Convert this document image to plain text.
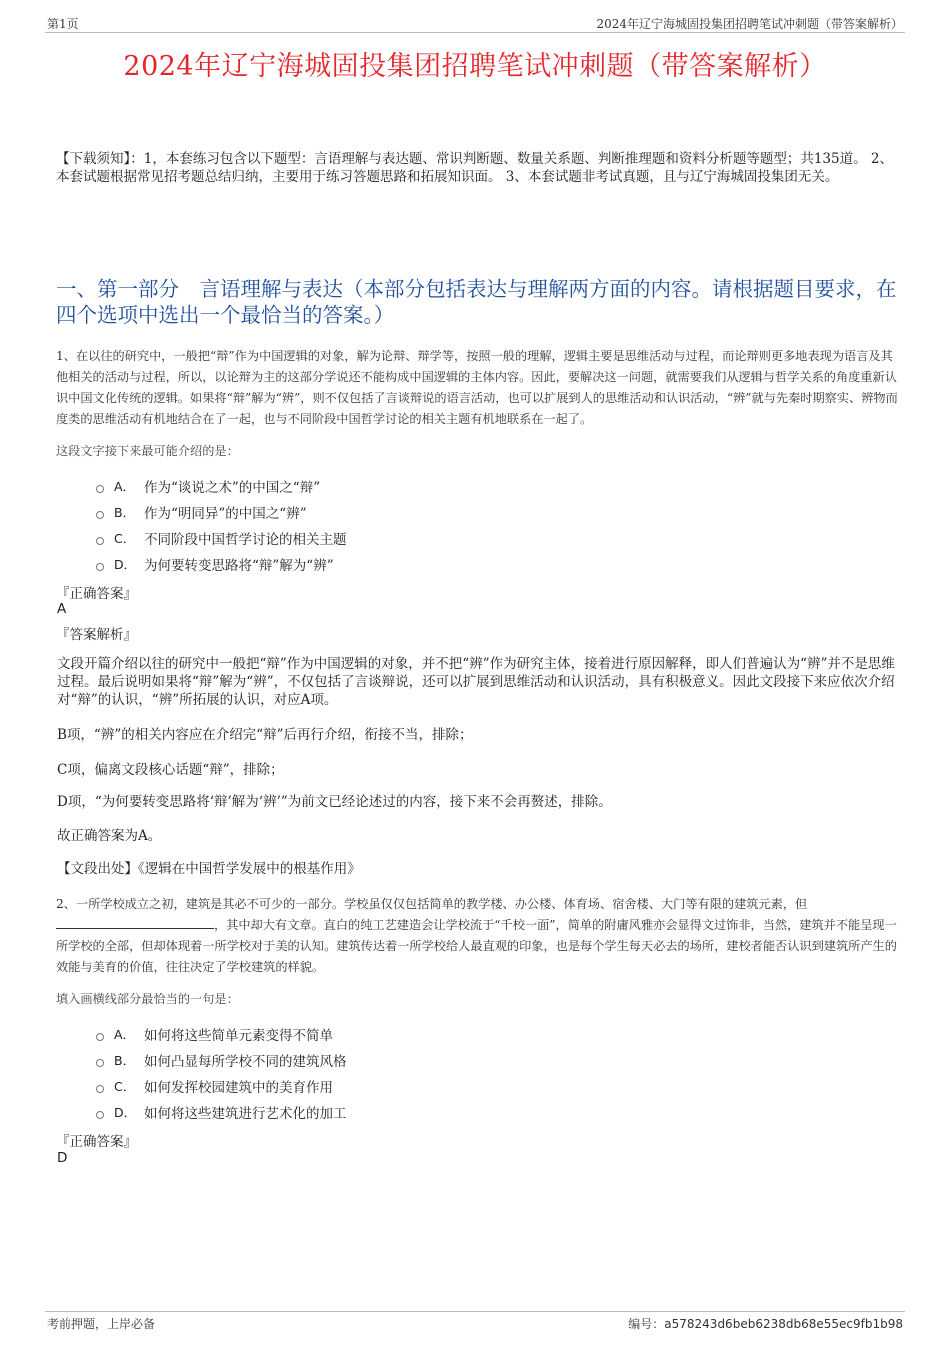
第1页	2024年辽宁海城固投集团招聘笔试冲刺题（带答案解析）
2024年辽宁海城固投集团招聘笔试冲刺题（带答案解析）
【下载须知】：1，本套练习包含以下题型：言语理解与表达题、常识判断题、数量关系题、判断推理题和资料分析题等题型；共135道。 2、本套试题根据常见招考题总结归纳，主要用于练习答题思路和拓展知识面。 3、本套试题非考试真题，且与辽宁海城固投集团无关。
一、第一部分　言语理解与表达（本部分包括表达与理解两方面的内容。请根据题目要求，在四个选项中选出一个最恰当的答案。）
1、在以往的研究中，一般把“辩”作为中国逻辑的对象，解为论辩、辩学等，按照一般的理解，逻辑主要是思维活动与过程，而论辩则更多地表现为语言及其他相关的活动与过程，所以，以论辩为主的这部分学说还不能构成中国逻辑的主体内容。因此，要解决这一问题，就需要我们从逻辑与哲学关系的角度重新认识中国文化传统的逻辑。如果将“辩”解为“辨”，则不仅包括了言谈辩说的语言活动，也可以扩展到人的思维活动和认识活动，“辨”就与先秦时期察实、辨物而度类的思维活动有机地结合在了一起，也与不同阶段中国哲学讨论的相关主题有机地联系在一起了。
这段文字接下来最可能介绍的是：
A． 作为“谈说之术”的中国之“辩”
B． 作为“明同异”的中国之“辨”
C． 不同阶段中国哲学讨论的相关主题
D． 为何要转变思路将“辩”解为“辨”
『正确答案』
A
『答案解析』
文段开篇介绍以往的研究中一般把“辩”作为中国逻辑的对象，并不把“辨”作为研究主体，接着进行原因解释，即人们普遍认为“辨”并不是思维过程。最后说明如果将“辩”解为“辨”，不仅包括了言谈辩说，还可以扩展到思维活动和认识活动，具有积极意义。因此文段接下来应依次介绍对“辩”的认识，“辨”所拓展的认识，对应A项。
B项，“辨”的相关内容应在介绍完“辩”后再行介绍，衔接不当，排除；
C项，偏离文段核心话题“辩”，排除；
D项，“为何要转变思路将‘辩’解为‘辨’”为前文已经论述过的内容，接下来不会再赘述，排除。
故正确答案为A。
【文段出处】《逻辑在中国哲学发展中的根基作用》
2、一所学校成立之初，建筑是其必不可少的一部分。学校虽仅仅包括简单的教学楼、办公楼、体育场、宿舍楼、大门等有限的建筑元素，但，其中却大有文章。直白的纯工艺建造会让学校流于“千校一面”，简单的附庸风雅亦会显得文过饰非，当然，建筑并不能呈现一所学校的全部，但却体现着一所学校对于美的认知。建筑传达着一所学校给人最直观的印象，也是每个学生每天必去的场所，建校者能否认识到建筑所产生的效能与美育的价值，往往决定了学校建筑的样貌。
填入画横线部分最恰当的一句是：
A． 如何将这些简单元素变得不简单
B． 如何凸显每所学校不同的建筑风格
C． 如何发挥校园建筑中的美育作用
D． 如何将这些建筑进行艺术化的加工
『正确答案』
D
考前押题，上岸必备	编号：a578243d6beb6238db68e55ec9fb1b98
